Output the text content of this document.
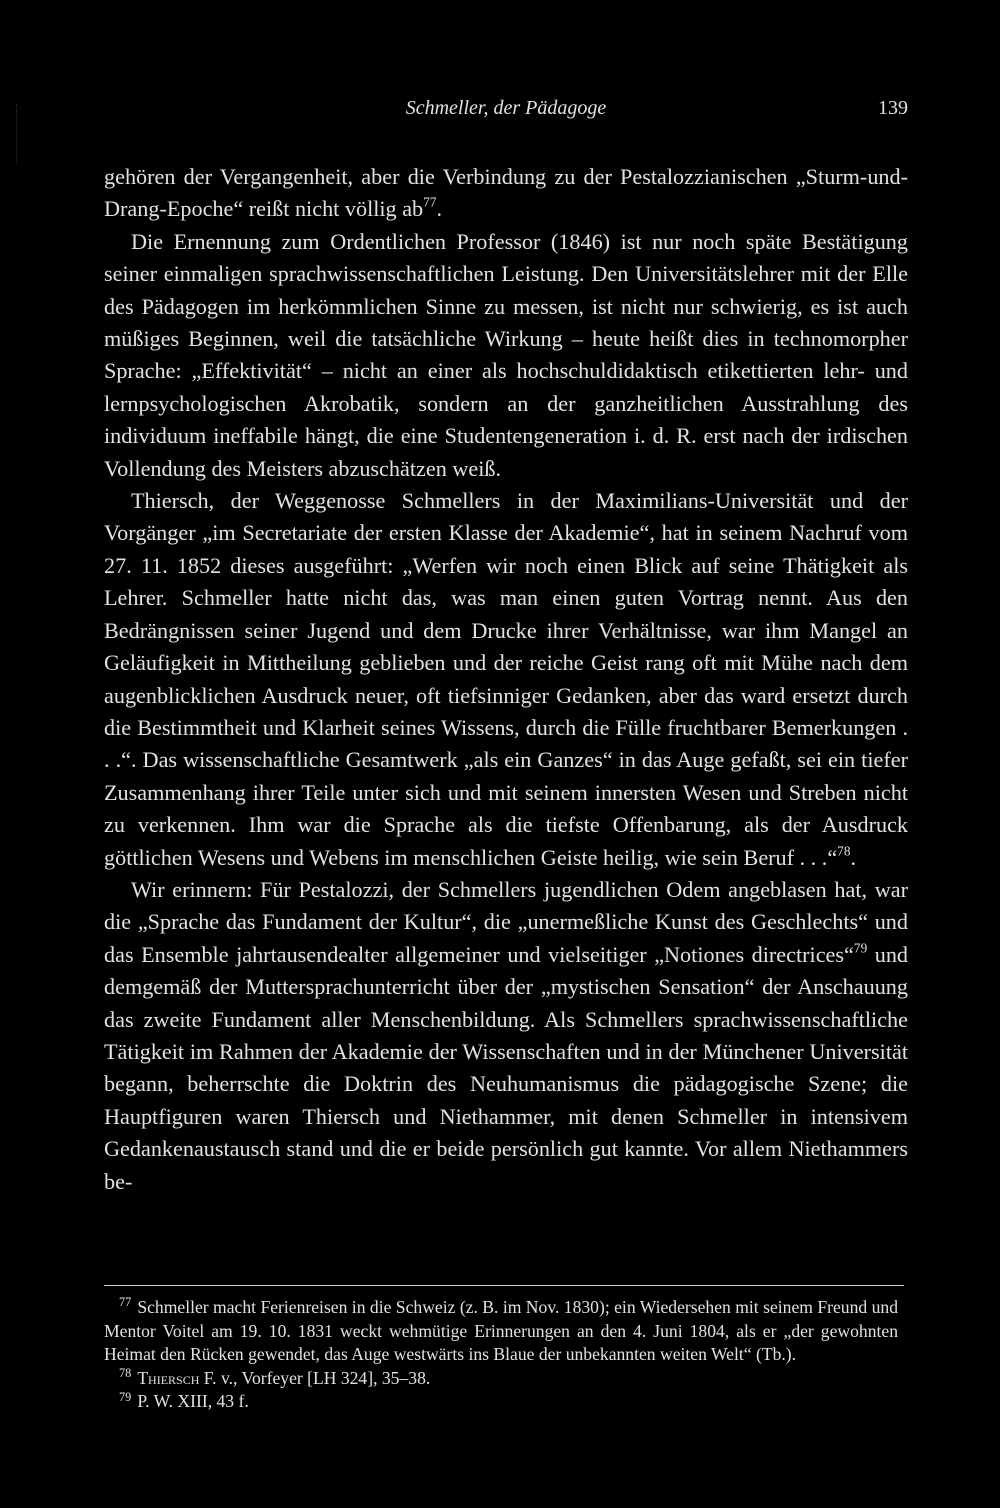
Schmeller, der Pädagoge	139

gehören der Vergangenheit, aber die Verbindung zu der Pestalozzianischen „Sturm-und-Drang-Epoche“ reißt nicht völlig $ab^{77}$.

Die Ernennung zum Ordentlichen Professor (1846) ist nur noch späte Bestätigung seiner einmaligen sprachwissenschaftlichen Leistung. Den Universitätslehrer mit der Elle des Pädagogen im herkömmlichen Sinne zu messen, ist nicht nur schwierig, es ist auch müßiges Beginnen, weil die tatsächliche Wirkung – heute heißt dies in technomorpher Sprache: „Effektivität“ – nicht an einer als hochschuldidaktisch etikettierten lehr- und lernpsychologischen Akrobatik, sondern an der ganzheitlichen Ausstrahlung des individuum ineffabile hängt, die eine Studentengeneration i. d. R. erst nach der irdischen Vollendung des Meisters abzuschätzen weiß.

Thiersch, der Weggenosse Schmellers in der Maximilians-Universität und der Vorgänger „im Secretariate der ersten Klasse der Akademie“, hat in seinem Nachruf vom 27. 11. 1852 dieses ausgeführt: „Werfen wir noch einen Blick auf seine Thätigkeit als Lehrer. Schmeller hatte nicht das, was man einen guten Vortrag nennt. Aus den Bedrängnissen seiner Jugend und dem Drucke ihrer Verhältnisse, war ihm Mangel an Geläufigkeit in Mittheilung geblieben und der reiche Geist rang oft mit Mühe nach dem augenblicklichen Ausdruck neuer, oft tiefsinniger Gedanken, aber das ward ersetzt durch die Bestimmtheit und Klarheit seines Wissens, durch die Fülle fruchtbarer Bemerkungen . . .“. Das wissenschaftliche Gesamtwerk „als ein Ganzes“ in das Auge gefaßt, sei ein tiefer Zusammenhang ihrer Teile unter sich und mit seinem innersten Wesen und Streben nicht zu verkennen. Ihm war die Sprache als die tiefste Offenbarung, als der Ausdruck göttlichen Wesens und Webens im menschlichen Geiste heilig, wie sein Beruf . . .“$^{78}$.

Wir erinnern: Für Pestalozzi, der Schmellers jugendlichen Odem angeblasen hat, war die „Sprache das Fundament der Kultur“, die „unermeßliche Kunst des Geschlechts“ und das Ensemble jahrtausendealter allgemeiner und vielseitiger „Notiones directrices“$^{79}$ und demgemäß der Muttersprachunterricht über der „mystischen Sensation“ der Anschauung das zweite Fundament aller Menschenbildung. Als Schmellers sprachwissenschaftliche Tätigkeit im Rahmen der Akademie der Wissenschaften und in der Münchener Universität begann, beherrschte die Doktrin des Neuhumanismus die pädagogische Szene; die Hauptfiguren waren Thiersch und Niethammer, mit denen Schmeller in intensivem Gedankenaustausch stand und die er beide persönlich gut kannte. Vor allem Niethammers be-

$^{77}$ Schmeller macht Ferienreisen in die Schweiz (z. B. im Nov. 1830); ein Wiedersehen mit seinem Freund und Mentor Voitel am 19. 10. 1831 weckt wehmütige Erinnerungen an den 4. Juni 1804, als er „der gewohnten Heimat den Rücken gewendet, das Auge westwärts ins Blaue der unbekannten weiten Welt“ (Tb.).

$^{78}$ Thiersch F. v., Vorfeyer [LH 324], 35–38.

$^{79}$ P. W. XIII, 43 f.
